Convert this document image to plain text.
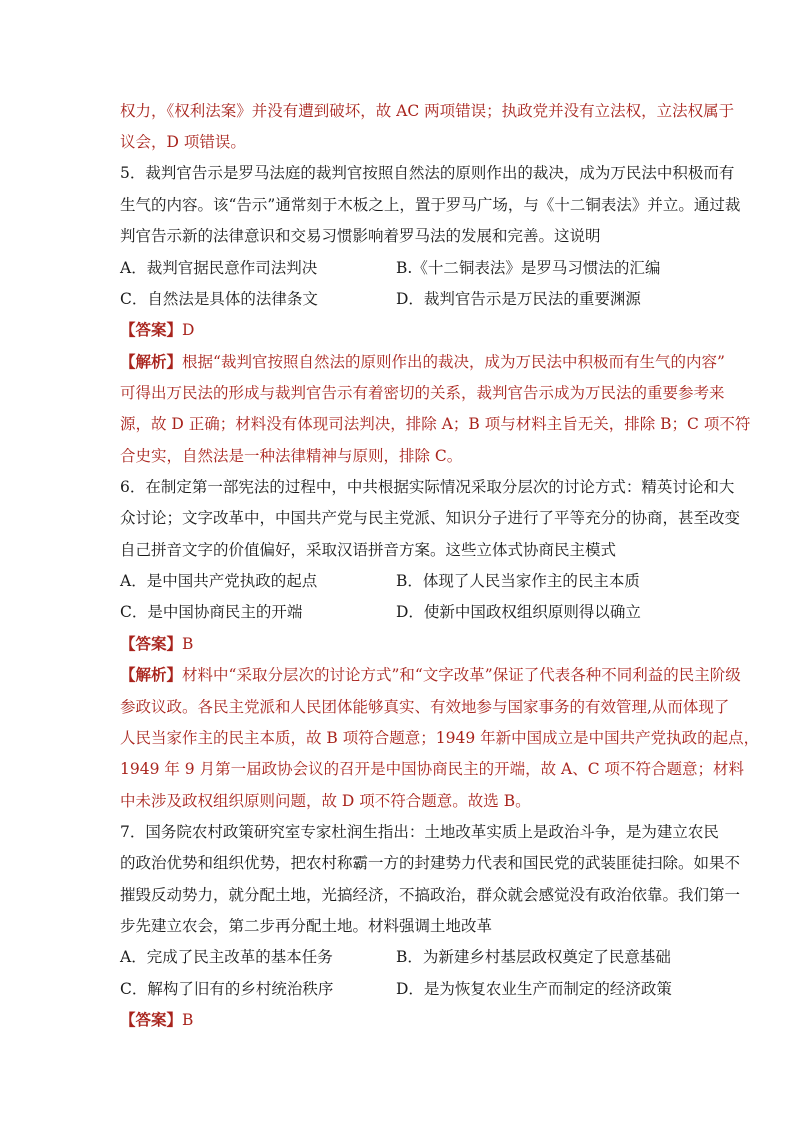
权力，《权利法案》并没有遭到破坏，故 AC 两项错误；执政党并没有立法权，立法权属于
议会，D 项错误。
5．裁判官告示是罗马法庭的裁判官按照自然法的原则作出的裁决，成为万民法中积极而有
生气的内容。该“告示”通常刻于木板之上，置于罗马广场，与《十二铜表法》并立。通过裁
判官告示新的法律意识和交易习惯影响着罗马法的发展和完善。这说明
A．裁判官据民意作司法判决	B.《十二铜表法》是罗马习惯法的汇编
C．自然法是具体的法律条文	D．裁判官告示是万民法的重要渊源
【答案】D
【解析】根据“裁判官按照自然法的原则作出的裁决，成为万民法中积极而有生气的内容”
可得出万民法的形成与裁判官告示有着密切的关系，裁判官告示成为万民法的重要参考来
源，故 D 正确；材料没有体现司法判决，排除 A；B 项与材料主旨无关，排除 B；C 项不符
合史实，自然法是一种法律精神与原则，排除 C。
6．在制定第一部宪法的过程中，中共根据实际情况采取分层次的讨论方式：精英讨论和大
众讨论；文字改革中，中国共产党与民主党派、知识分子进行了平等充分的协商，甚至改变
自己拼音文字的价值偏好，采取汉语拼音方案。这些立体式协商民主模式
A．是中国共产党执政的起点	B．体现了人民当家作主的民主本质
C．是中国协商民主的开端	D．使新中国政权组织原则得以确立
【答案】B
【解析】材料中“采取分层次的讨论方式”和“文字改革”保证了代表各种不同利益的民主阶级
参政议政。各民主党派和人民团体能够真实、有效地参与国家事务的有效管理,从而体现了
人民当家作主的民主本质，故 B 项符合题意；1949 年新中国成立是中国共产党执政的起点，
1949 年 9 月第一届政协会议的召开是中国协商民主的开端，故 A、C 项不符合题意；材料
中未涉及政权组织原则问题，故 D 项不符合题意。故选 B。
7．国务院农村政策研究室专家杜润生指出：土地改革实质上是政治斗争，是为建立农民
的政治优势和组织优势，把农村称霸一方的封建势力代表和国民党的武装匪徒扫除。如果不
摧毁反动势力，就分配土地，光搞经济，不搞政治，群众就会感觉没有政治依靠。我们第一
步先建立农会，第二步再分配土地。材料强调土地改革
A．完成了民主改革的基本任务	B．为新建乡村基层政权奠定了民意基础
C．解构了旧有的乡村统治秩序	D．是为恢复农业生产而制定的经济政策
【答案】B
